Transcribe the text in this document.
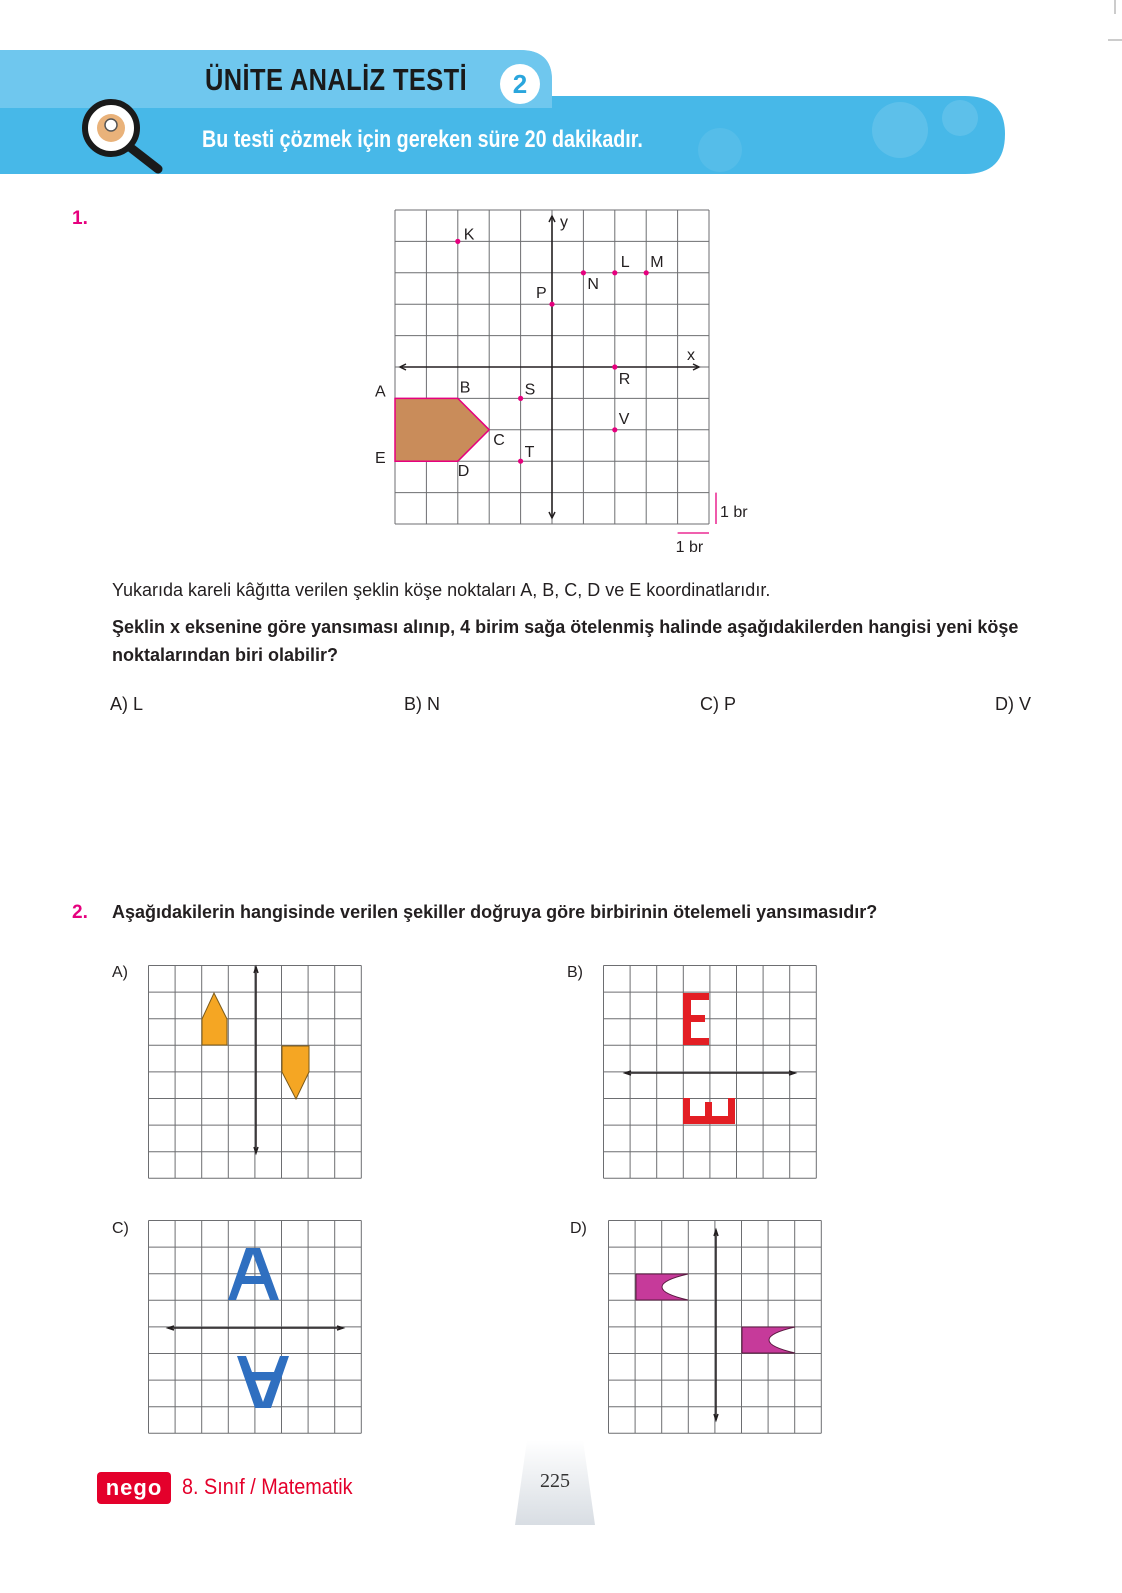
ÜNİTE ANALİZ TESTİ	2
Bu testi çözmek için gereken süre 20 dakikadır.
1.
x
y
A	B
C
D
E
K
N
L M
P
R
S
V
T
1 br
1 br
Yukarıda kareli kâğıtta verilen şeklin köşe noktaları A, B, C, D ve E koordinatlarıdır.
Şeklin x eksenine göre yansıması alınıp, 4 birim sağa ötelenmiş halinde aşağıdakilerden hangisi yeni köşe noktalarından biri olabilir?
A) L	B) N	C) P	D) V
2. Aşağıdakilerin hangisinde verilen şekiller doğruya göre birbirinin ötelemeli yansımasıdır?
A)	B)
C)	D)
nego 8. Sınıf / Matematik	225
